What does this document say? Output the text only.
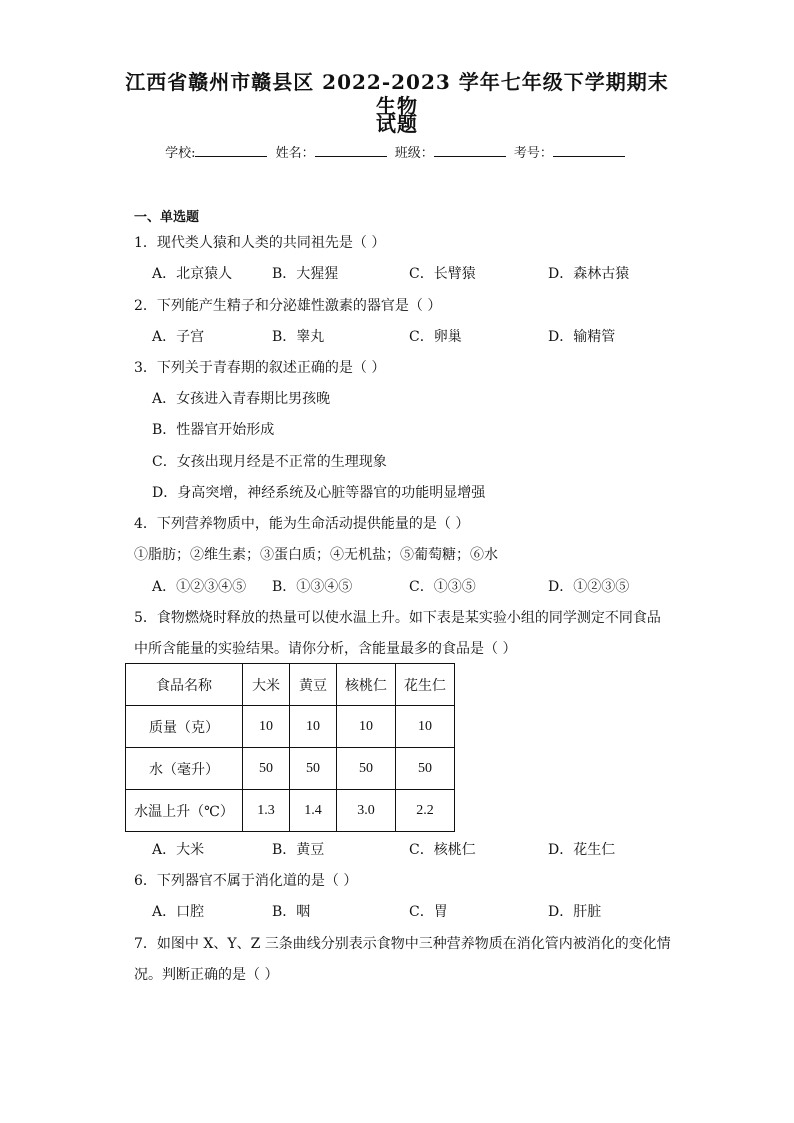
江西省赣州市赣县区 2022-2023 学年七年级下学期期末生物
试题
学校:	姓名：	班级：	考号：
一、单选题
1．现代类人猿和人类的共同祖先是（ ）
A．北京猿人	B．大猩猩	C．长臂猿	D．森林古猿
2．下列能产生精子和分泌雄性激素的器官是（ ）
A．子宫	B．睾丸	C．卵巢	D．输精管
3．下列关于青春期的叙述正确的是（ ）
A．女孩进入青春期比男孩晚
B．性器官开始形成
C．女孩出现月经是不正常的生理现象
D．身高突增，神经系统及心脏等器官的功能明显增强
4．下列营养物质中，能为生命活动提供能量的是（ ）
①脂肪；②维生素；③蛋白质；④无机盐；⑤葡萄糖；⑥水
A．①②③④⑤ B．①③④⑤	C．①③⑤	D．①②③⑤
5．食物燃烧时释放的热量可以使水温上升。如下表是某实验小组的同学测定不同食品
中所含能量的实验结果。请你分析，含能量最多的食品是（ ）
食品名称	大米	黄豆	核桃仁	花生仁
质量（克）	10	10	10	10
水（毫升）	50	50	50	50
水温上升（℃）	1.3	1.4	3.0	2.2
A．大米	B．黄豆	C．核桃仁	D．花生仁
6．下列器官不属于消化道的是（ ）
A．口腔	B．咽	C．胃	D．肝脏
7．如图中 X、Y、Z 三条曲线分别表示食物中三种营养物质在消化管内被消化的变化情
况。判断正确的是（ ）
